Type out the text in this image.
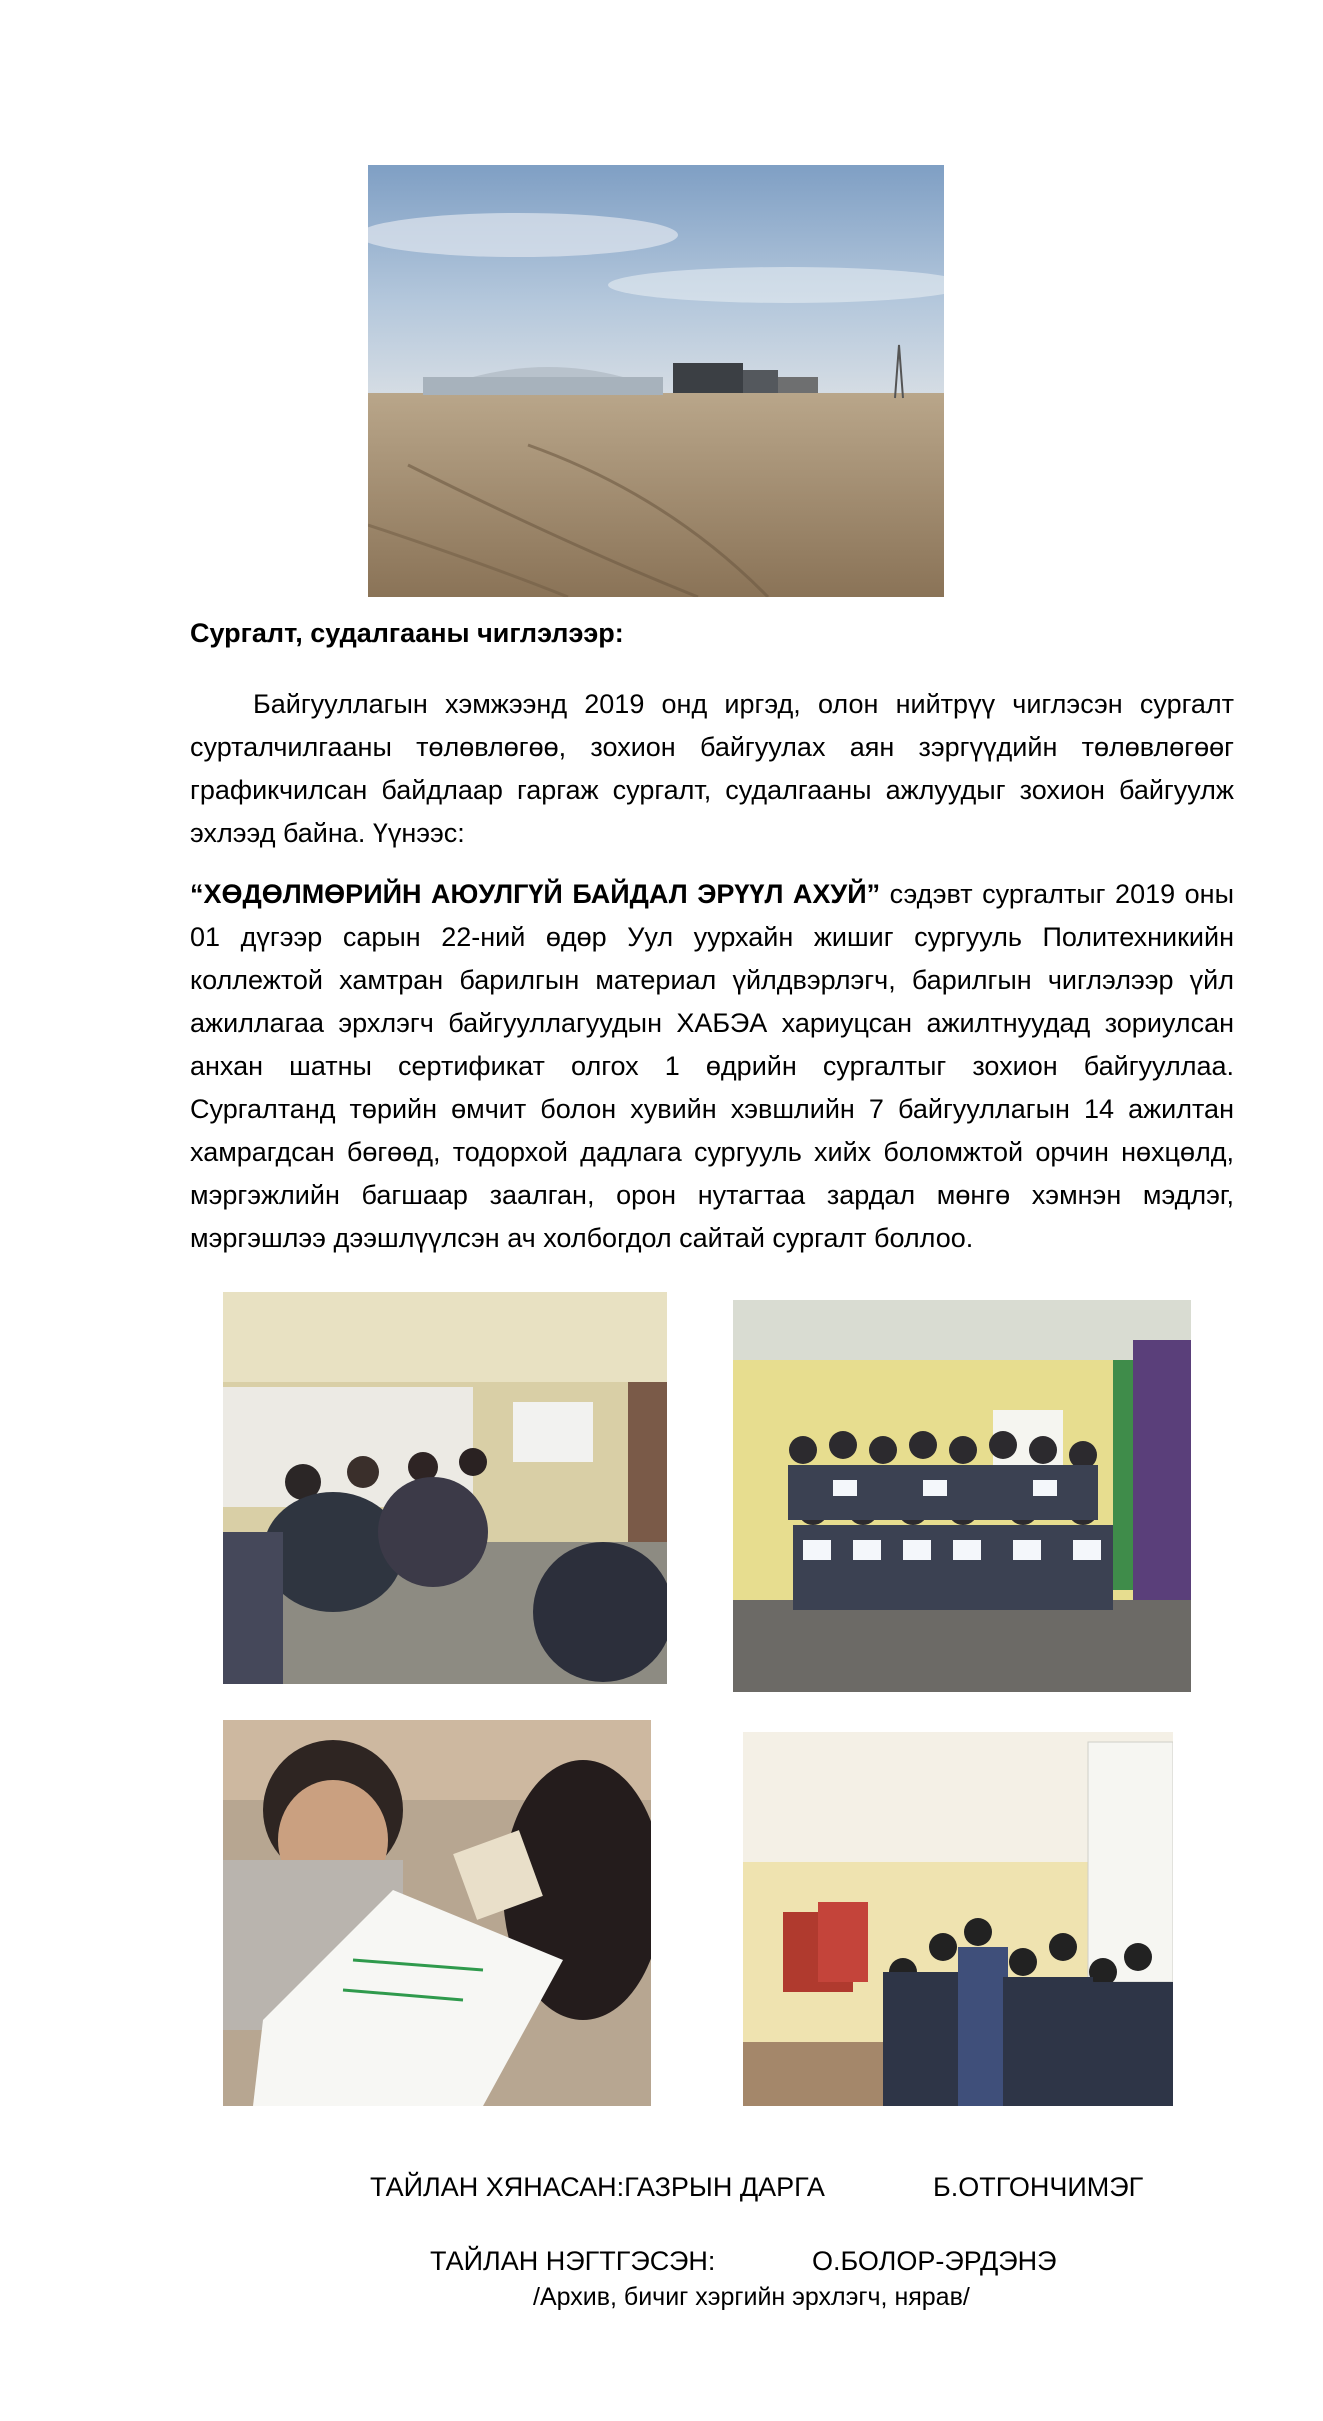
Сургалт, судалгааны чиглэлээр:
Байгууллагын хэмжээнд 2019 онд иргэд, олон нийтрүү чиглэсэн сургалт сурталчилгааны төлөвлөгөө, зохион байгуулах аян зэргүүдийн төлөвлөгөөг графикчилсан байдлаар гаргаж сургалт, судалгааны ажлуудыг зохион байгуулж эхлээд байна. Үүнээс:
“ХӨДӨЛМӨРИЙН АЮУЛГҮЙ БАЙДАЛ ЭРҮҮЛ АХУЙ” сэдэвт сургалтыг 2019 оны 01 дүгээр сарын 22-ний өдөр Уул уурхайн жишиг сургууль Политехникийн коллежтой хамтран барилгын материал үйлдвэрлэгч, барилгын чиглэлээр үйл ажиллагаа эрхлэгч байгууллагуудын ХАБЭА хариуцсан ажилтнуудад зориулсан анхан шатны сертификат олгох 1 өдрийн сургалтыг зохион байгууллаа. Сургалтанд төрийн өмчит болон хувийн хэвшлийн 7 байгууллагын 14 ажилтан хамрагдсан бөгөөд, тодорхой дадлага сургууль хийх боломжтой орчин нөхцөлд, мэргэжлийн багшаар заалган, орон нутагтаа зардал мөнгө хэмнэн мэдлэг, мэргэшлээ дээшлүүлсэн ач холбогдол сайтай сургалт боллоо.
ТАЙЛАН ХЯНАСАН:ГАЗРЫН ДАРГА	Б.ОТГОНЧИМЭГ
ТАЙЛАН НЭГТГЭСЭН:	О.БОЛОР-ЭРДЭНЭ
/Архив, бичиг хэргийн эрхлэгч, нярав/
